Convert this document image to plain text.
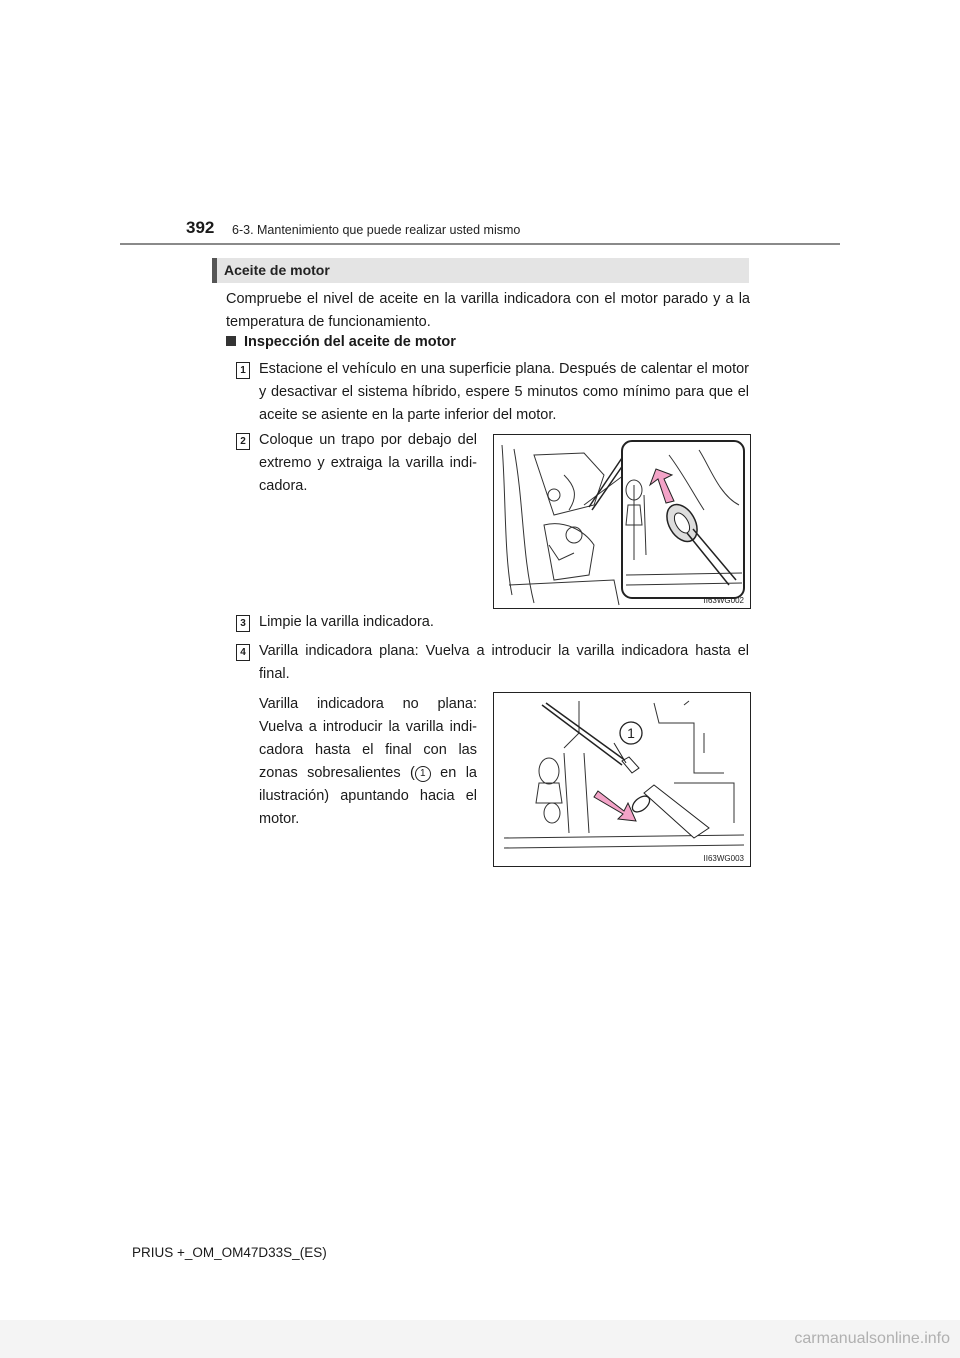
392 6-3. Mantenimiento que puede realizar usted mismo
Aceite de motor
Compruebe el nivel de aceite en la varilla indicadora con el motor parado y a la temperatura de funcionamiento.
Inspección del aceite de motor
1 Estacione el vehículo en una superficie plana. Después de calentar el motor y desactivar el sistema híbrido, espere 5 minutos como mínimo para que el aceite se asiente en la parte inferior del motor.
2 Coloque un trapo por debajo del extremo y extraiga la varilla indi-cadora.
II63WG002
3 Limpie la varilla indicadora.
4 Varilla indicadora plana: Vuelva a introducir la varilla indicadora hasta el final.
Varilla indicadora no plana: Vuelva a introducir la varilla indi-cadora hasta el final con las zonas sobresalientes ( 1 en la ilustración) apuntando hacia el motor.
1
II63WG003
PRIUS +_OM_OM47D33S_(ES)
carmanualsonline.info
